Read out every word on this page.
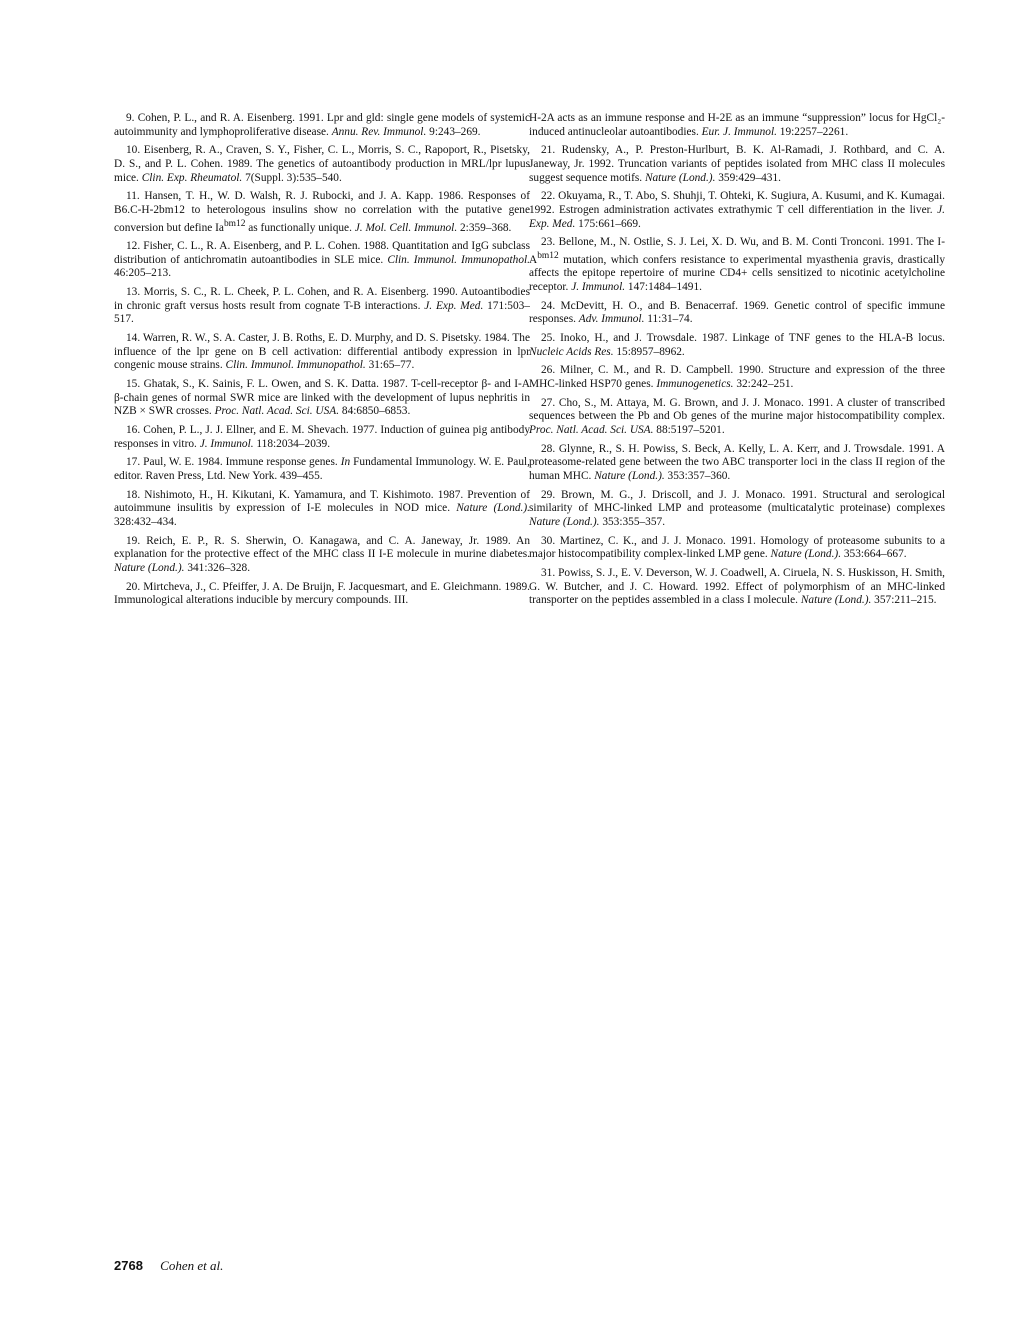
9. Cohen, P. L., and R. A. Eisenberg. 1991. Lpr and gld: single gene models of systemic autoimmunity and lymphoproliferative disease. Annu. Rev. Immunol. 9:243–269.

10. Eisenberg, R. A., Craven, S. Y., Fisher, C. L., Morris, S. C., Rapoport, R., Pisetsky, D. S., and P. L. Cohen. 1989. The genetics of autoantibody production in MRL/lpr lupus mice. Clin. Exp. Rheumatol. 7(Suppl. 3):535–540.

11. Hansen, T. H., W. D. Walsh, R. J. Rubocki, and J. A. Kapp. 1986. Responses of B6.C-H-2bm12 to heterologous insulins show no correlation with the putative gene conversion but define $Ia^{bm12}$ as functionally unique. J. Mol. Cell. Immunol. 2:359–368.

12. Fisher, C. L., R. A. Eisenberg, and P. L. Cohen. 1988. Quantitation and IgG subclass distribution of antichromatin autoantibodies in SLE mice. Clin. Immunol. Immunopathol. 46:205–213.

13. Morris, S. C., R. L. Cheek, P. L. Cohen, and R. A. Eisenberg. 1990. Autoantibodies in chronic graft versus hosts result from cognate T-B interactions. J. Exp. Med. 171:503–517.

14. Warren, R. W., S. A. Caster, J. B. Roths, E. D. Murphy, and D. S. Pisetsky. 1984. The influence of the lpr gene on B cell activation: differential antibody expression in lpr congenic mouse strains. Clin. Immunol. Immunopathol. 31:65–77.

15. Ghatak, S., K. Sainis, F. L. Owen, and S. K. Datta. 1987. T-cell-receptor β- and I-A β-chain genes of normal SWR mice are linked with the development of lupus nephritis in NZB × SWR crosses. Proc. Natl. Acad. Sci. USA. 84:6850–6853.

16. Cohen, P. L., J. J. Ellner, and E. M. Shevach. 1977. Induction of guinea pig antibody responses in vitro. J. Immunol. 118:2034–2039.

17. Paul, W. E. 1984. Immune response genes. In Fundamental Immunology. W. E. Paul, editor. Raven Press, Ltd. New York. 439–455.

18. Nishimoto, H., H. Kikutani, K. Yamamura, and T. Kishimoto. 1987. Prevention of autoimmune insulitis by expression of I-E molecules in NOD mice. Nature (Lond.). 328:432–434.

19. Reich, E. P., R. S. Sherwin, O. Kanagawa, and C. A. Janeway, Jr. 1989. An explanation for the protective effect of the MHC class II I-E molecule in murine diabetes. Nature (Lond.). 341:326–328.

20. Mirtcheva, J., C. Pfeiffer, J. A. De Bruijn, F. Jacquesmart, and E. Gleichmann. 1989. Immunological alterations inducible by mercury compounds. III.

H-2A acts as an immune response and H-2E as an immune “suppression” locus for HgCl₂-induced antinucleolar autoantibodies. Eur. J. Immunol. 19:2257–2261.

21. Rudensky, A., P. Preston-Hurlburt, B. K. Al-Ramadi, J. Rothbard, and C. A. Janeway, Jr. 1992. Truncation variants of peptides isolated from MHC class II molecules suggest sequence motifs. Nature (Lond.). 359:429–431.

22. Okuyama, R., T. Abo, S. Shuhji, T. Ohteki, K. Sugiura, A. Kusumi, and K. Kumagai. 1992. Estrogen administration activates extrathymic T cell differentiation in the liver. J. Exp. Med. 175:661–669.

23. Bellone, M., N. Ostlie, S. J. Lei, X. D. Wu, and B. M. Conti Tronconi. 1991. The $I-A^{bm12}$ mutation, which confers resistance to experimental myasthenia gravis, drastically affects the epitope repertoire of murine CD4+ cells sensitized to nicotinic acetylcholine receptor. J. Immunol. 147:1484–1491.

24. McDevitt, H. O., and B. Benacerraf. 1969. Genetic control of specific immune responses. Adv. Immunol. 11:31–74.

25. Inoko, H., and J. Trowsdale. 1987. Linkage of TNF genes to the HLA-B locus. Nucleic Acids Res. 15:8957–8962.

26. Milner, C. M., and R. D. Campbell. 1990. Structure and expression of the three MHC-linked HSP70 genes. Immunogenetics. 32:242–251.

27. Cho, S., M. Attaya, M. G. Brown, and J. J. Monaco. 1991. A cluster of transcribed sequences between the Pb and Ob genes of the murine major histocompatibility complex. Proc. Natl. Acad. Sci. USA. 88:5197–5201.

28. Glynne, R., S. H. Powiss, S. Beck, A. Kelly, L. A. Kerr, and J. Trowsdale. 1991. A proteasome-related gene between the two ABC transporter loci in the class II region of the human MHC. Nature (Lond.). 353:357–360.

29. Brown, M. G., J. Driscoll, and J. J. Monaco. 1991. Structural and serological similarity of MHC-linked LMP and proteasome (multicatalytic proteinase) complexes Nature (Lond.). 353:355–357.

30. Martinez, C. K., and J. J. Monaco. 1991. Homology of proteasome subunits to a major histocompatibility complex-linked LMP gene. Nature (Lond.). 353:664–667.

31. Powiss, S. J., E. V. Deverson, W. J. Coadwell, A. Ciruela, N. S. Huskisson, H. Smith, G. W. Butcher, and J. C. Howard. 1992. Effect of polymorphism of an MHC-linked transporter on the peptides assembled in a class I molecule. Nature (Lond.). 357:211–215.

2768 Cohen et al.
